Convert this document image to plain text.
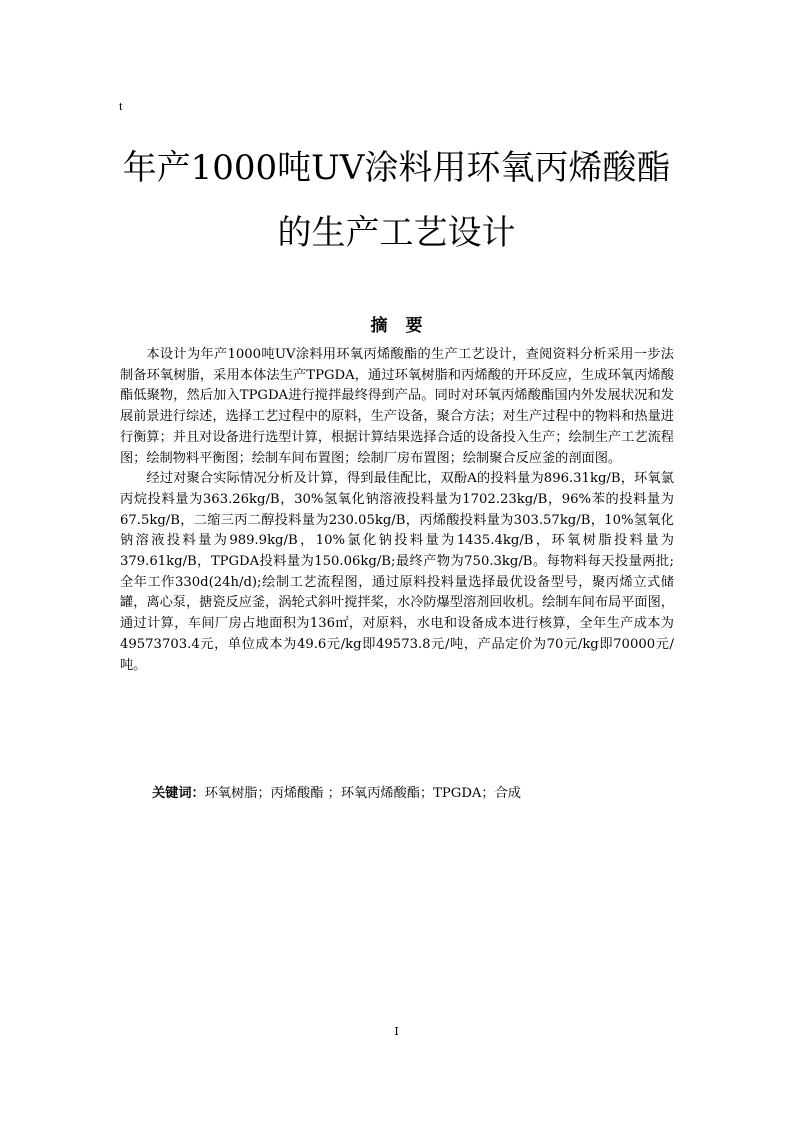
t
年产1000吨UV涂料用环氧丙烯酸酯
的生产工艺设计
摘要

本设计为年产1000吨UV涂料用环氧丙烯酸酯的生产工艺设计，查阅资料分析采用一步法制备环氧树脂，采用本体法生产TPGDA，通过环氧树脂和丙烯酸的开环反应，生成环氧丙烯酸酯低聚物，然后加入TPGDA进行搅拌最终得到产品。同时对环氧丙烯酸酯国内外发展状况和发展前景进行综述，选择工艺过程中的原料，生产设备，聚合方法；对生产过程中的物料和热量进行衡算；并且对设备进行选型计算，根据计算结果选择合适的设备投入生产；绘制生产工艺流程图；绘制物料平衡图；绘制车间布置图；绘制厂房布置图；绘制聚合反应釜的剖面图。

经过对聚合实际情况分析及计算，得到最佳配比，双酚A的投料量为896.31kg/B，环氧氯丙烷投料量为363.26kg/B，30%氢氧化钠溶液投料量为1702.23kg/B，96%苯的投料量为67.5kg/B，二缩三丙二醇投料量为230.05kg/B，丙烯酸投料量为303.57kg/B，10%氢氧化钠溶液投料量为989.9kg/B，10%氯化钠投料量为1435.4kg/B，环氧树脂投料量为379.61kg/B，TPGDA投料量为150.06kg/B;最终产物为750.3kg/B。每物料每天投量两批;全年工作330d(24h/d);绘制工艺流程图，通过原料投料量选择最优设备型号，聚丙烯立式储罐，离心泵，搪瓷反应釜，涡轮式斜叶搅拌桨，水冷防爆型溶剂回收机。绘制车间布局平面图，通过计算，车间厂房占地面积为136㎡，对原料，水电和设备成本进行核算，全年生产成本为49573703.4元，单位成本为49.6元/kg即49573.8元/吨，产品定价为70元/kg即70000元/吨。

关键词：环氧树脂；丙烯酸酯 ；环氧丙烯酸酯；TPGDA；合成
I
